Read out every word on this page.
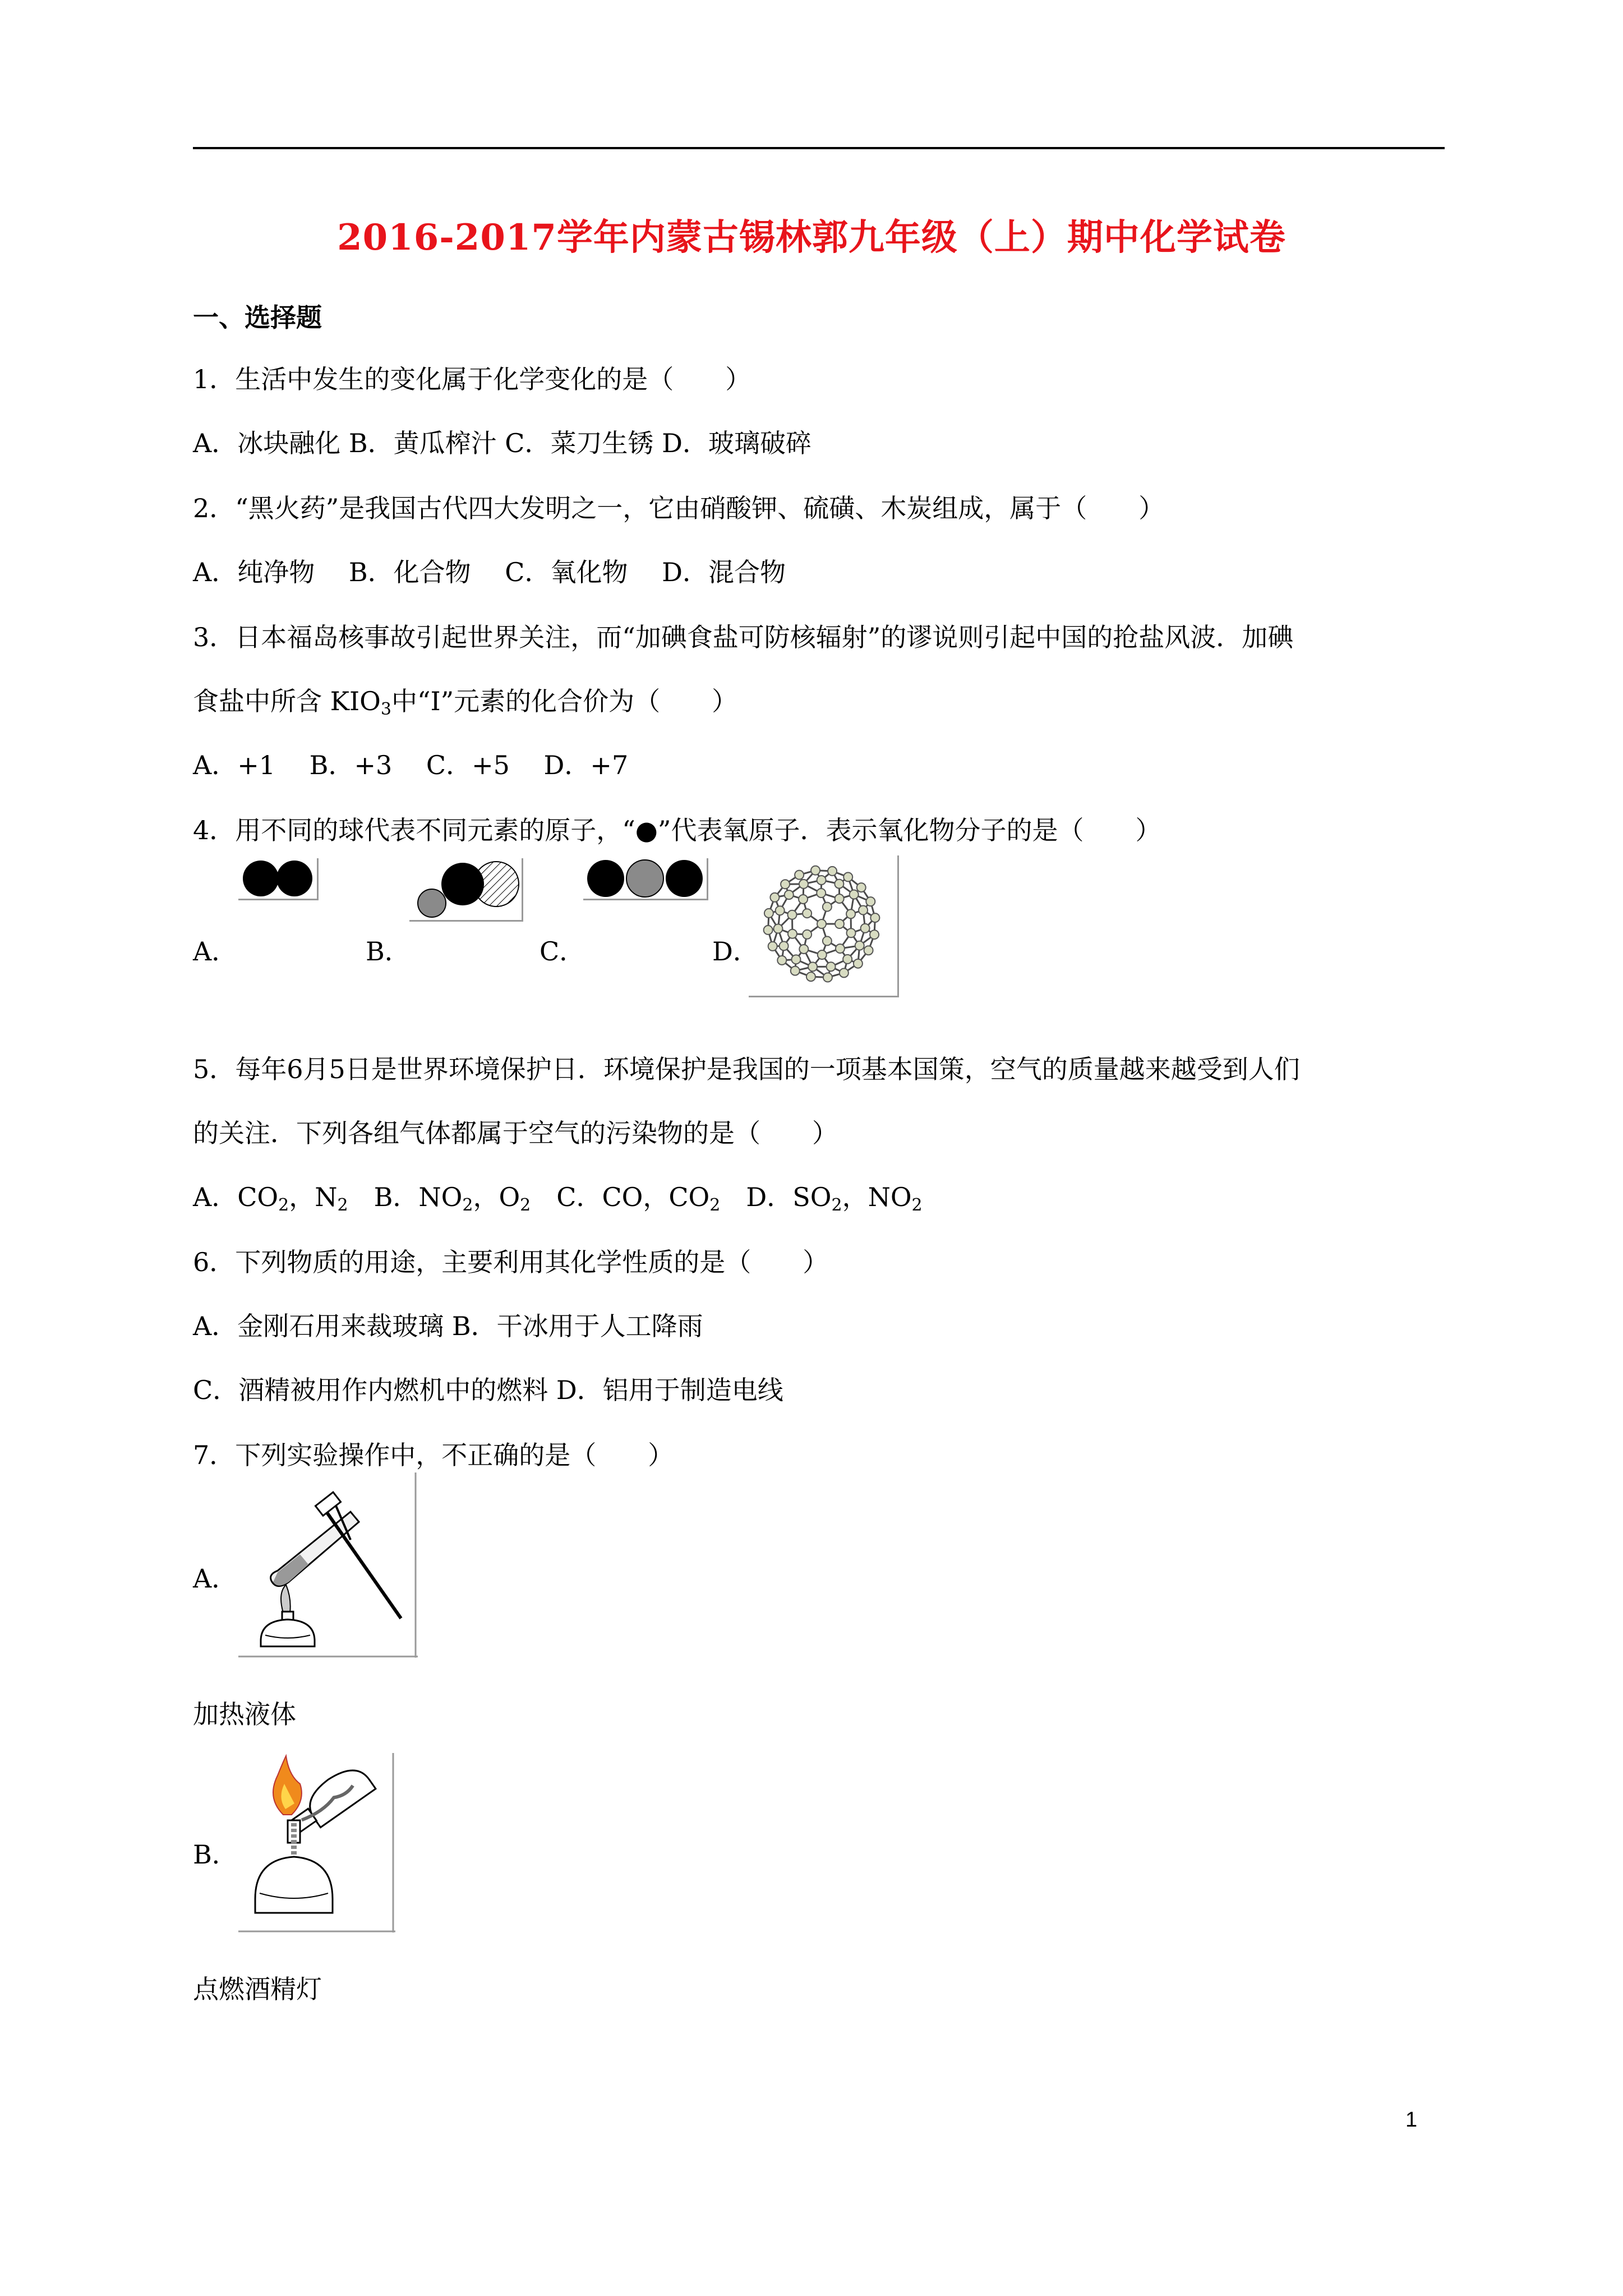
2016-2017学年内蒙古锡林郭九年级（上）期中化学试卷
一、选择题
1．生活中发生的变化属于化学变化的是（　　）
A．冰块融化 B．黄瓜榨汁 C．菜刀生锈 D．玻璃破碎
2．“黑火药”是我国古代四大发明之一，它由硝酸钾、硫磺、木炭组成，属于（　　）
A．纯净物　 B．化合物　 C．氧化物　 D．混合物
3．日本福岛核事故引起世界关注，而“加碘食盐可防核辐射”的谬说则引起中国的抢盐风波．加碘
食盐中所含 $KIO_3$中“I”元素的化合价为（　　）
A．+1　 B．+3　 C．+5　 D．+7
4．用不同的球代表不同元素的原子，“●”代表氧原子．表示氧化物分子的是（　　）
A．	B．	C．	D．
5．每年6月5日是世界环境保护日．环境保护是我国的一项基本国策，空气的质量越来越受到人们
的关注．下列各组气体都属于空气的污染物的是（　　）
A．$CO_2$，$N_2$　B．$NO_2$，$O_2$　C．CO，$CO_2$　D．$SO_2$，$NO_2$
6．下列物质的用途，主要利用其化学性质的是（　　）
A．金刚石用来裁玻璃 B．干冰用于人工降雨
C．酒精被用作内燃机中的燃料 D．铝用于制造电线
7．下列实验操作中，不正确的是（　　）
A．
加热液体
B．
点燃酒精灯
1
